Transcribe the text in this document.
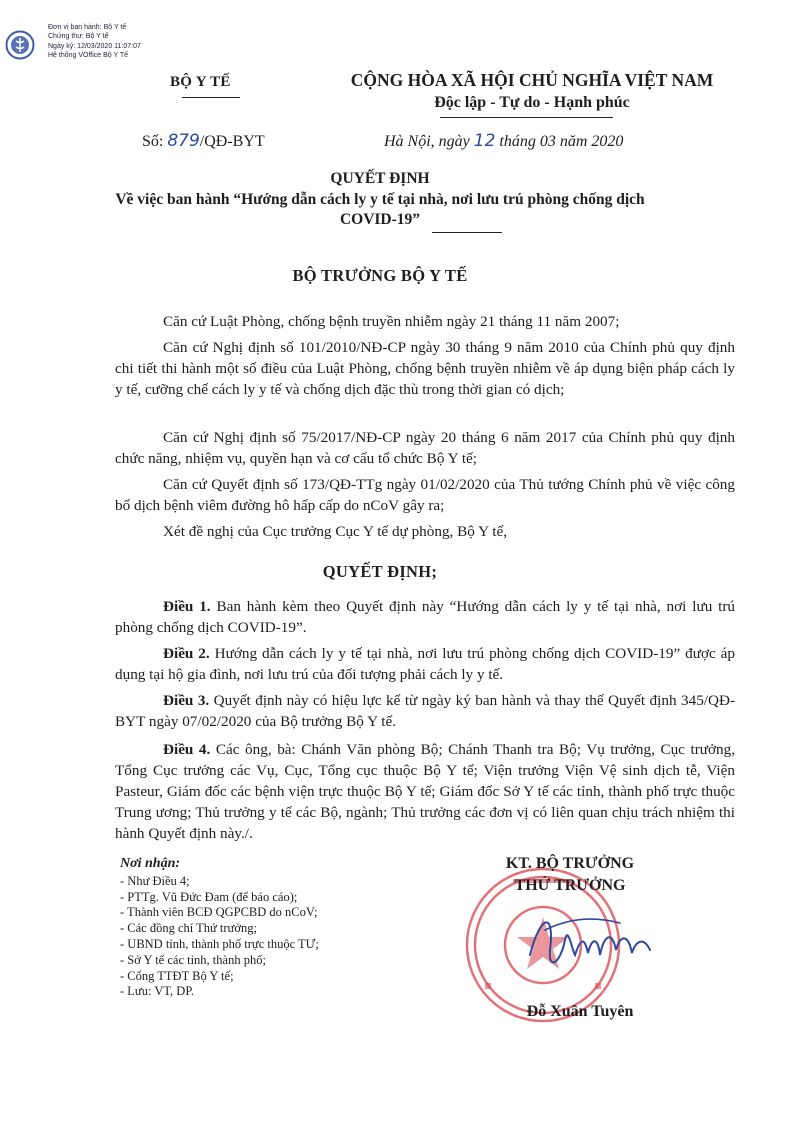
Đơn vị ban hành: Bộ Y tế
Chứng thư: Bộ Y tế
Ngày ký: 12/03/2020 11:07:07
Hệ thống VOffice Bộ Y Tế
BỘ Y TẾ	CỘNG HÒA XÃ HỘI CHỦ NGHĨA VIỆT NAM
Độc lập - Tự do - Hạnh phúc
Số: 879/QĐ-BYT	Hà Nội, ngày 12 tháng 03 năm 2020
QUYẾT ĐỊNH
Về việc ban hành “Hướng dẫn cách ly y tế tại nhà, nơi lưu trú phòng chống dịch
COVID-19”
BỘ TRƯỞNG BỘ Y TẾ
Căn cứ Luật Phòng, chống bệnh truyền nhiễm ngày 21 tháng 11 năm 2007;
Căn cứ Nghị định số 101/2010/NĐ-CP ngày 30 tháng 9 năm 2010 của Chính phủ quy định chi tiết thi hành một số điều của Luật Phòng, chống bệnh truyền nhiễm về áp dụng biện pháp cách ly y tế, cưỡng chế cách ly y tế và chống dịch đặc thù trong thời gian có dịch;
Căn cứ Nghị định số 75/2017/NĐ-CP ngày 20 tháng 6 năm 2017 của Chính phủ quy định chức năng, nhiệm vụ, quyền hạn và cơ cấu tổ chức Bộ Y tế;
Căn cứ Quyết định số 173/QĐ-TTg ngày 01/02/2020 của Thủ tướng Chính phủ về việc công bố dịch bệnh viêm đường hô hấp cấp do nCoV gây ra;
Xét đề nghị của Cục trưởng Cục Y tế dự phòng, Bộ Y tế,
QUYẾT ĐỊNH;
Điều 1. Ban hành kèm theo Quyết định này “Hướng dẫn cách ly y tế tại nhà, nơi lưu trú phòng chống dịch COVID-19”.
Điều 2. Hướng dẫn cách ly y tế tại nhà, nơi lưu trú phòng chống dịch COVID-19” được áp dụng tại hộ gia đình, nơi lưu trú của đối tượng phải cách ly y tế.
Điều 3. Quyết định này có hiệu lực kể từ ngày ký ban hành và thay thế Quyết định 345/QĐ-BYT ngày 07/02/2020 của Bộ trưởng Bộ Y tế.
Điều 4. Các ông, bà: Chánh Văn phòng Bộ; Chánh Thanh tra Bộ; Vụ trưởng, Cục trưởng, Tổng Cục trưởng các Vụ, Cục, Tổng cục thuộc Bộ Y tế; Viện trưởng Viện Vệ sinh dịch tễ, Viện Pasteur, Giám đốc các bệnh viện trực thuộc Bộ Y tế; Giám đốc Sở Y tế các tỉnh, thành phố trực thuộc Trung ương; Thủ trưởng y tế các Bộ, ngành; Thủ trưởng các đơn vị có liên quan chịu trách nhiệm thi hành Quyết định này./.
Nơi nhận:
- Như Điều 4;
- PTTg. Vũ Đức Đam (để báo cáo);
- Thành viên BCĐ QGPCBD do nCoV;
- Các đồng chí Thứ trưởng;
- UBND tỉnh, thành phố trực thuộc TƯ;
- Sở Y tế các tỉnh, thành phố;
- Cổng TTĐT Bộ Y tế;
- Lưu: VT, DP.
KT. BỘ TRƯỞNG
THỨ TRƯỞNG
Đỗ Xuân Tuyên
